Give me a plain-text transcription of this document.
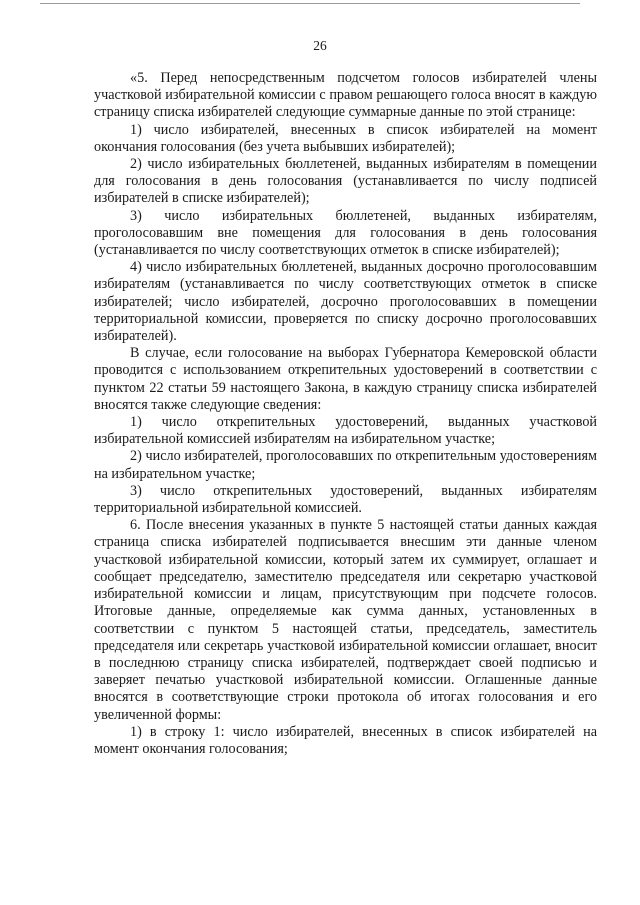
26

«5. Перед непосредственным подсчетом голосов избирателей члены участковой избирательной комиссии с правом решающего голоса вносят в каждую страницу списка избирателей следующие суммарные данные по этой странице:

1) число избирателей, внесенных в список избирателей на момент окончания голосования (без учета выбывших избирателей);

2) число избирательных бюллетеней, выданных избирателям в помещении для голосования в день голосования (устанавливается по числу подписей избирателей в списке избирателей);

3) число избирательных бюллетеней, выданных избирателям, проголосовавшим вне помещения для голосования в день голосования (устанавливается по числу соответствующих отметок в списке избирателей);

4) число избирательных бюллетеней, выданных досрочно проголосовавшим избирателям (устанавливается по числу соответствующих отметок в списке избирателей; число избирателей, досрочно проголосовавших в помещении территориальной комиссии, проверяется по списку досрочно проголосовавших избирателей).

В случае, если голосование на выборах Губернатора Кемеровской области проводится с использованием открепительных удостоверений в соответствии с пунктом 22 статьи 59 настоящего Закона, в каждую страницу списка избирателей вносятся также следующие сведения:

1) число открепительных удостоверений, выданных участковой избирательной комиссией избирателям на избирательном участке;

2) число избирателей, проголосовавших по открепительным удостоверениям на избирательном участке;

3) число открепительных удостоверений, выданных избирателям территориальной избирательной комиссией.

6. После внесения указанных в пункте 5 настоящей статьи данных каждая страница списка избирателей подписывается внесшим эти данные членом участковой избирательной комиссии, который затем их суммирует, оглашает и сообщает председателю, заместителю председателя или секретарю участковой избирательной комиссии и лицам, присутствующим при подсчете голосов. Итоговые данные, определяемые как сумма данных, установленных в соответствии с пунктом 5 настоящей статьи, председатель, заместитель председателя или секретарь участковой избирательной комиссии оглашает, вносит в последнюю страницу списка избирателей, подтверждает своей подписью и заверяет печатью участковой избирательной комиссии. Оглашенные данные вносятся в соответствующие строки протокола об итогах голосования и его увеличенной формы:

1) в строку 1: число избирателей, внесенных в список избирателей на момент окончания голосования;
